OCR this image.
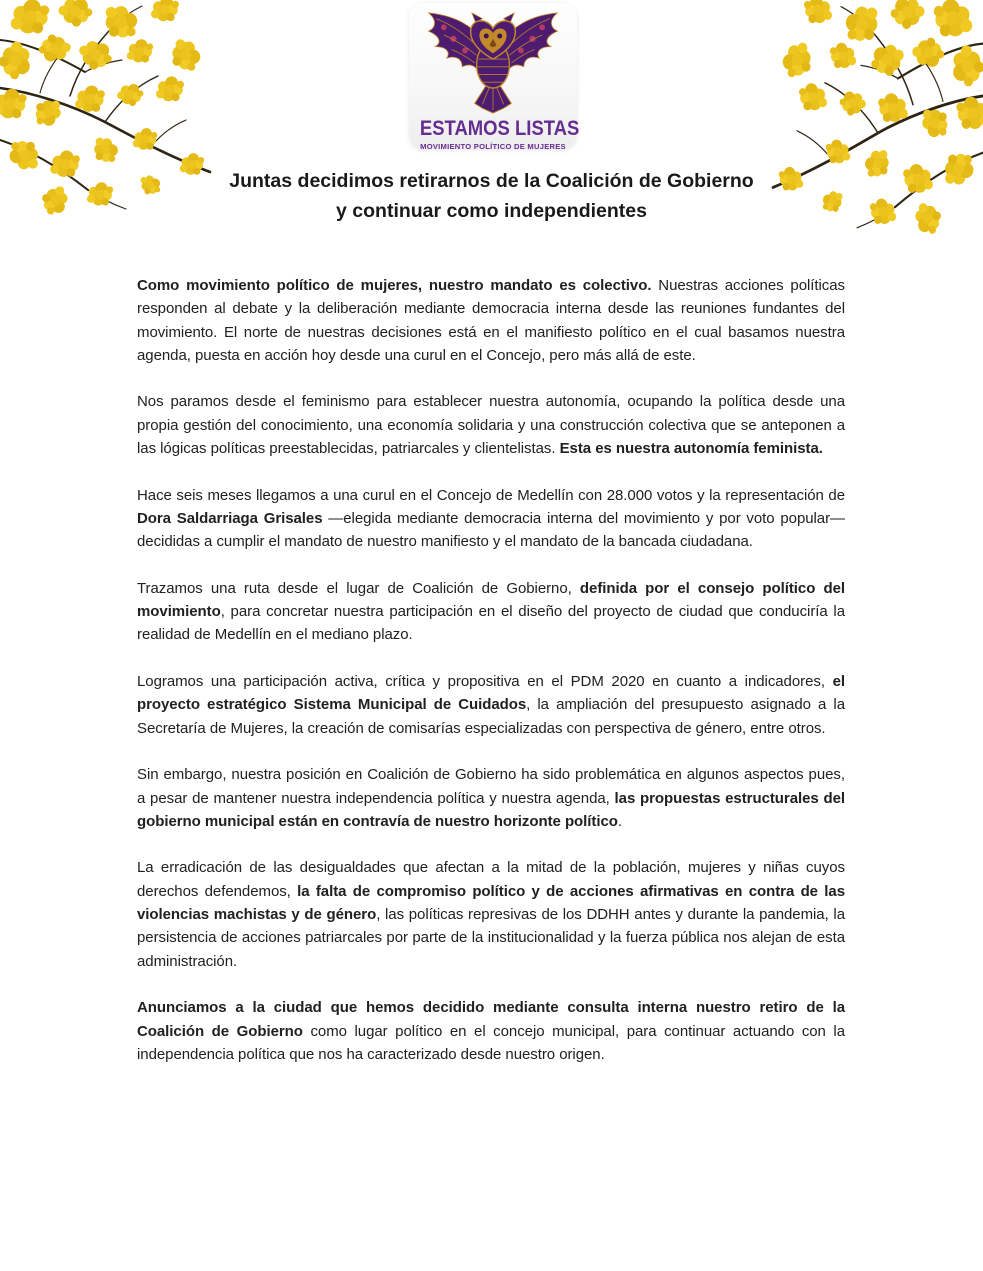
ESTAMOS LISTAS
MOVIMIENTO POLÍTICO DE MUJERES
Juntas decidimos retirarnos de la Coalición de Gobierno
y continuar como independientes

Como movimiento político de mujeres, nuestro mandato es colectivo. Nuestras acciones políticas responden al debate y la deliberación mediante democracia interna desde las reuniones fundantes del movimiento. El norte de nuestras decisiones está en el manifiesto político en el cual basamos nuestra agenda, puesta en acción hoy desde una curul en el Concejo, pero más allá de este.

Nos paramos desde el feminismo para establecer nuestra autonomía, ocupando la política desde una propia gestión del conocimiento, una economía solidaria y una construcción colectiva que se anteponen a las lógicas políticas preestablecidas, patriarcales y clientelistas. Esta es nuestra autonomía feminista.

Hace seis meses llegamos a una curul en el Concejo de Medellín con 28.000 votos y la representación de Dora Saldarriaga Grisales —elegida mediante democracia interna del movimiento y por voto popular— decididas a cumplir el mandato de nuestro manifiesto y el mandato de la bancada ciudadana.

Trazamos una ruta desde el lugar de Coalición de Gobierno, definida por el consejo político del movimiento, para concretar nuestra participación en el diseño del proyecto de ciudad que conduciría la realidad de Medellín en el mediano plazo.

Logramos una participación activa, crítica y propositiva en el PDM 2020 en cuanto a indicadores, el proyecto estratégico Sistema Municipal de Cuidados, la ampliación del presupuesto asignado a la Secretaría de Mujeres, la creación de comisarías especializadas con perspectiva de género, entre otros.

Sin embargo, nuestra posición en Coalición de Gobierno ha sido problemática en algunos aspectos pues, a pesar de mantener nuestra independencia política y nuestra agenda, las propuestas estructurales del gobierno municipal están en contravía de nuestro horizonte político.

La erradicación de las desigualdades que afectan a la mitad de la población, mujeres y niñas cuyos derechos defendemos, la falta de compromiso político y de acciones afirmativas en contra de las violencias machistas y de género, las políticas represivas de los DDHH antes y durante la pandemia, la persistencia de acciones patriarcales por parte de la institucionalidad y la fuerza pública nos alejan de esta administración.

Anunciamos a la ciudad que hemos decidido mediante consulta interna nuestro retiro de la Coalición de Gobierno como lugar político en el concejo municipal, para continuar actuando con la independencia política que nos ha caracterizado desde nuestro origen.
